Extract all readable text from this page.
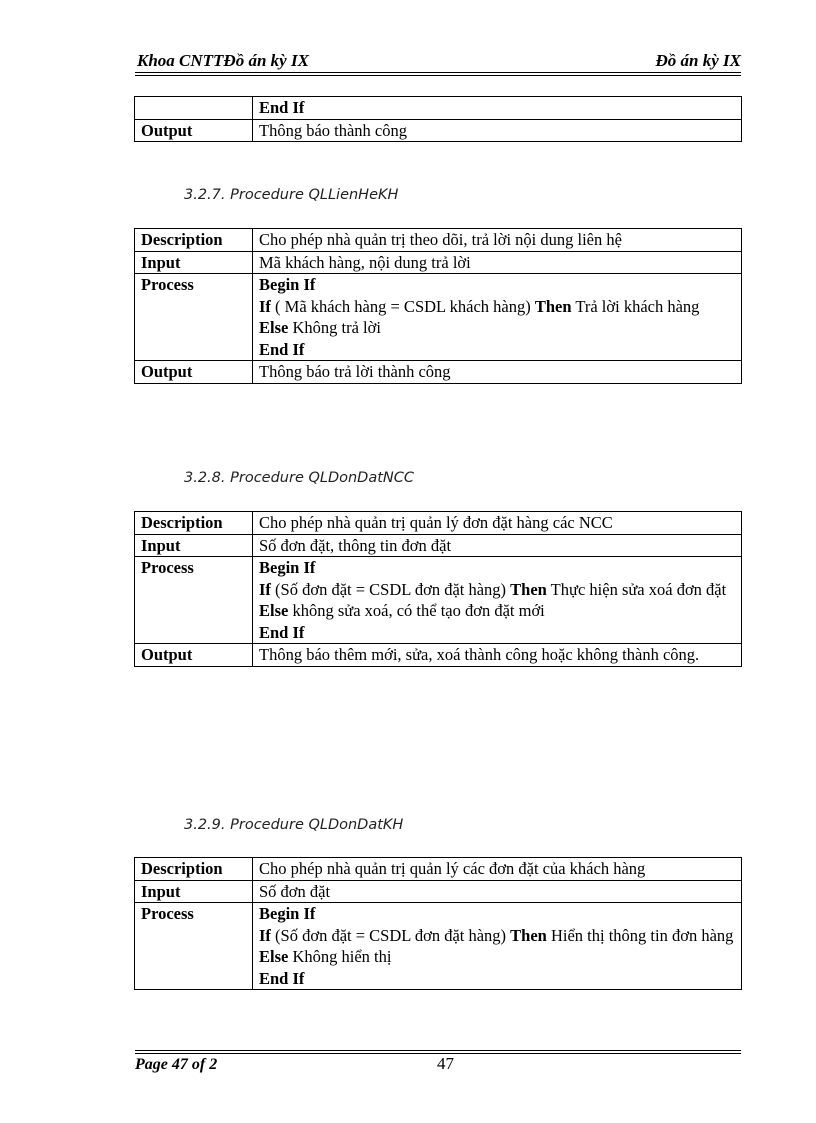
Khoa CNTTĐồ án kỳ IX	Đồ án kỳ IX
	End If
Output	Thông báo thành công
3.2.7. Procedure QLLienHeKH
Description	Cho phép nhà quản trị theo dõi, trả lời nội dung liên hệ
Input	Mã khách hàng, nội dung trả lời
Process	Begin If
If ( Mã khách hàng = CSDL khách hàng) Then Trả lời khách hàng
Else Không trả lời
End If

Output	Thông báo trả lời thành công
3.2.8. Procedure QLDonDatNCC
Description	Cho phép nhà quản trị quản lý đơn đặt hàng các NCC
Input	Số đơn đặt, thông tin đơn đặt
Process	Begin If
If (Số đơn đặt = CSDL đơn đặt hàng) Then Thực hiện sửa xoá đơn đặt
Else không sửa xoá, có thể tạo đơn đặt mới
End If

Output	Thông báo thêm mới, sửa, xoá thành công hoặc không thành công.
3.2.9. Procedure QLDonDatKH
Description	Cho phép nhà quản trị quản lý các đơn đặt của khách hàng
Input	Số đơn đặt
Process	Begin If
If (Số đơn đặt = CSDL đơn đặt hàng) Then Hiển thị thông tin đơn hàng
Else Không hiển thị
End If
Page 47 of 2	47
